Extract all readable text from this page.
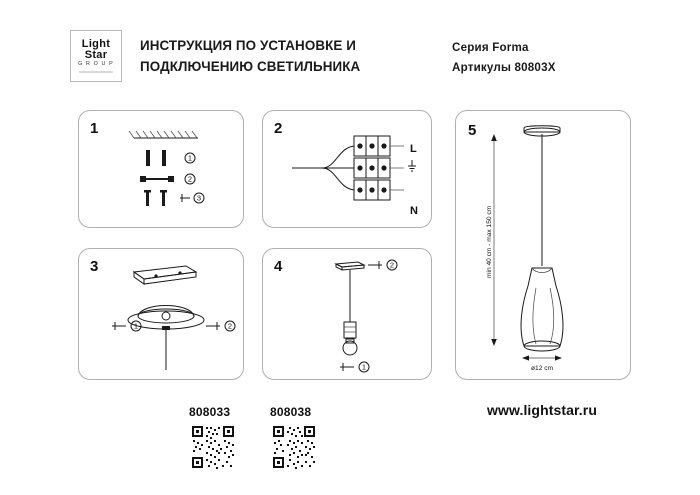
Light
Star
G R O U P
ИНСТРУКЦИЯ ПО УСТАНОВКЕ И
ПОДКЛЮЧЕНИЮ СВЕТИЛЬНИКА
Серия Forma
Артикулы 80803X
1
1
2
3
2
L
N
3
1	2
4
1
2
5
min 40 cm - max 150 cm
ø12 cm
808033	808038	www.lightstar.ru
